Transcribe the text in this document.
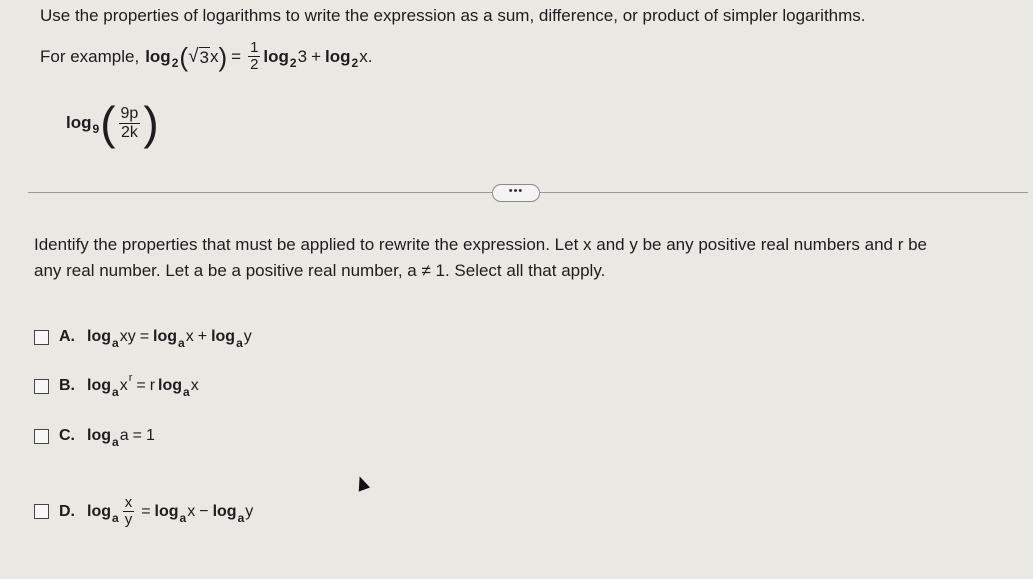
Use the properties of logarithms to write the expression as a sum, difference, or product of simpler logarithms.
For example, log 2 ( √ 3 x ) = $\frac{1}{2}$ log 2 3 + log 2 x.
log 9 ( $\frac{9p}{2k}$ )
•••
Identify the properties that must be applied to rewrite the expression. Let x and y be any positive real numbers and r be
any real number. Let a be a positive real number, a ≠ 1. Select all that apply.
A. log a xy = log a x + log a y
B. log a x r = r log a x
C. log a a = 1
D. log a $\frac{x}{y} = \log a$ x − log a y
